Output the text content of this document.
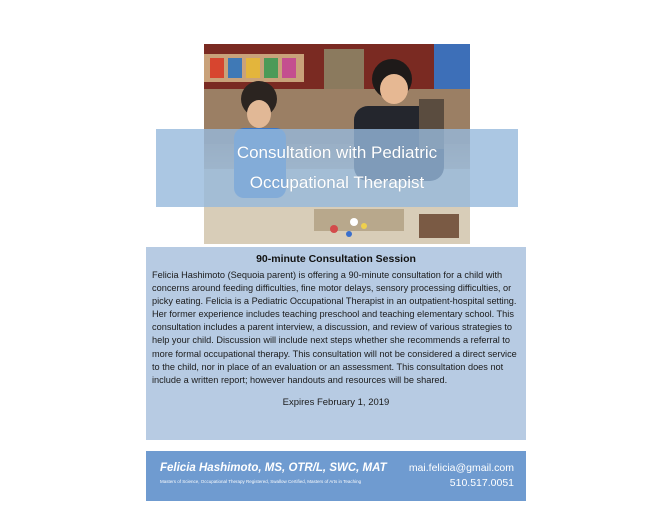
Consultation with Pediatric
Occupational Therapist
90-minute Consultation Session

Felicia Hashimoto (Sequoia parent) is offering a 90-minute consultation for a child with concerns around feeding difficulties, fine motor delays, sensory processing difficulties, or picky eating. Felicia is a Pediatric Occupational Therapist in an outpatient-hospital setting. Her former experience includes teaching preschool and teaching elementary school. This consultation includes a parent interview, a discussion, and review of various strategies to help your child. Discussion will include next steps whether she recommends a referral to more formal occupational therapy. This consultation will not be considered a direct service to the child, nor in place of an evaluation or an assessment. This consultation does not include a written report; however handouts and resources will be shared.

Expires February 1, 2019
Felicia Hashimoto, MS, OTR/L, SWC, MAT
Masters of Science, Occupational Therapy Registered, Swallow Certified, Masters of Arts in Teaching
mai.felicia@gmail.com
510.517.0051
